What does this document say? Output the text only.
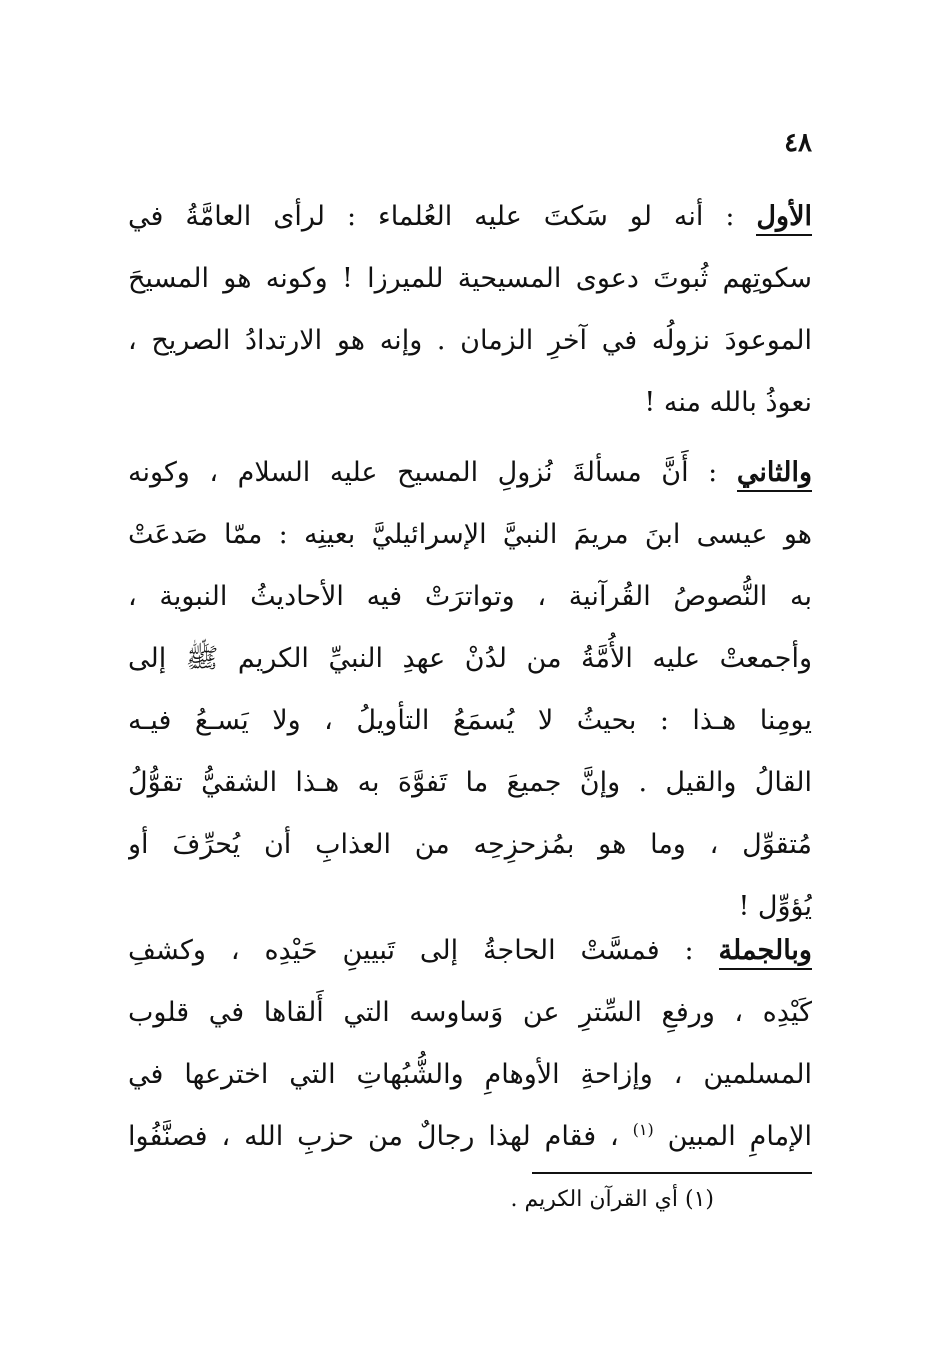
٤٨
الأول : أنه لو سَكتَ عليه العُلماء : لرأى العامَّةُ في
سكوتِهم ثُبوتَ دعوى المسيحية للميرزا ! وكونه هو المسيحَ
الموعودَ نزولُه في آخرِ الزمان . وإنه هو الارتدادُ الصريح ،
نعوذُ بالله منه !
والثاني : أَنَّ مسألةَ نُزولِ المسيح عليه السلام ، وكونه
هو عيسى ابنَ مريمَ النبيَّ الإسرائيليَّ بعينِه : ممّا صَدعَتْ
به النُّصوصُ القُرآنية ، وتواترَتْ فيه الأحاديثُ النبوية ،
وأجمعتْ عليه الأُمَّةُ من لدُنْ عهدِ النبيِّ الكريم ﷺ إلى
يومِنا هـذا : بحيثُ لا يُسمَعُ التأويلُ ، ولا يَسـعُ فيـه
القالُ والقيل . وإنَّ جميعَ ما تَفوَّهَ به هـذا الشقيُّ تقوُّلُ
مُتقوِّل ، وما هو بمُزحزِحِه من العذابِ أن يُحرِّفَ أو
يُؤوِّل !
وبالجملة : فمسَّتْ الحاجةُ إلى تَبيينِ حَيْدِه ، وكشفِ
كَيْدِه ، ورفعِ السِّترِ عن وَساوسه التي أَلقاها في قلوب
المسلمين ، وإزاحةِ الأوهامِ والشُّبُهاتِ التي اخترعها في
الإمامِ المبين $^{(١)}$ ، فقام لهذا رجالٌ من حزبِ الله ، فصنَّفُوا
(١) أي القرآن الكريم .
